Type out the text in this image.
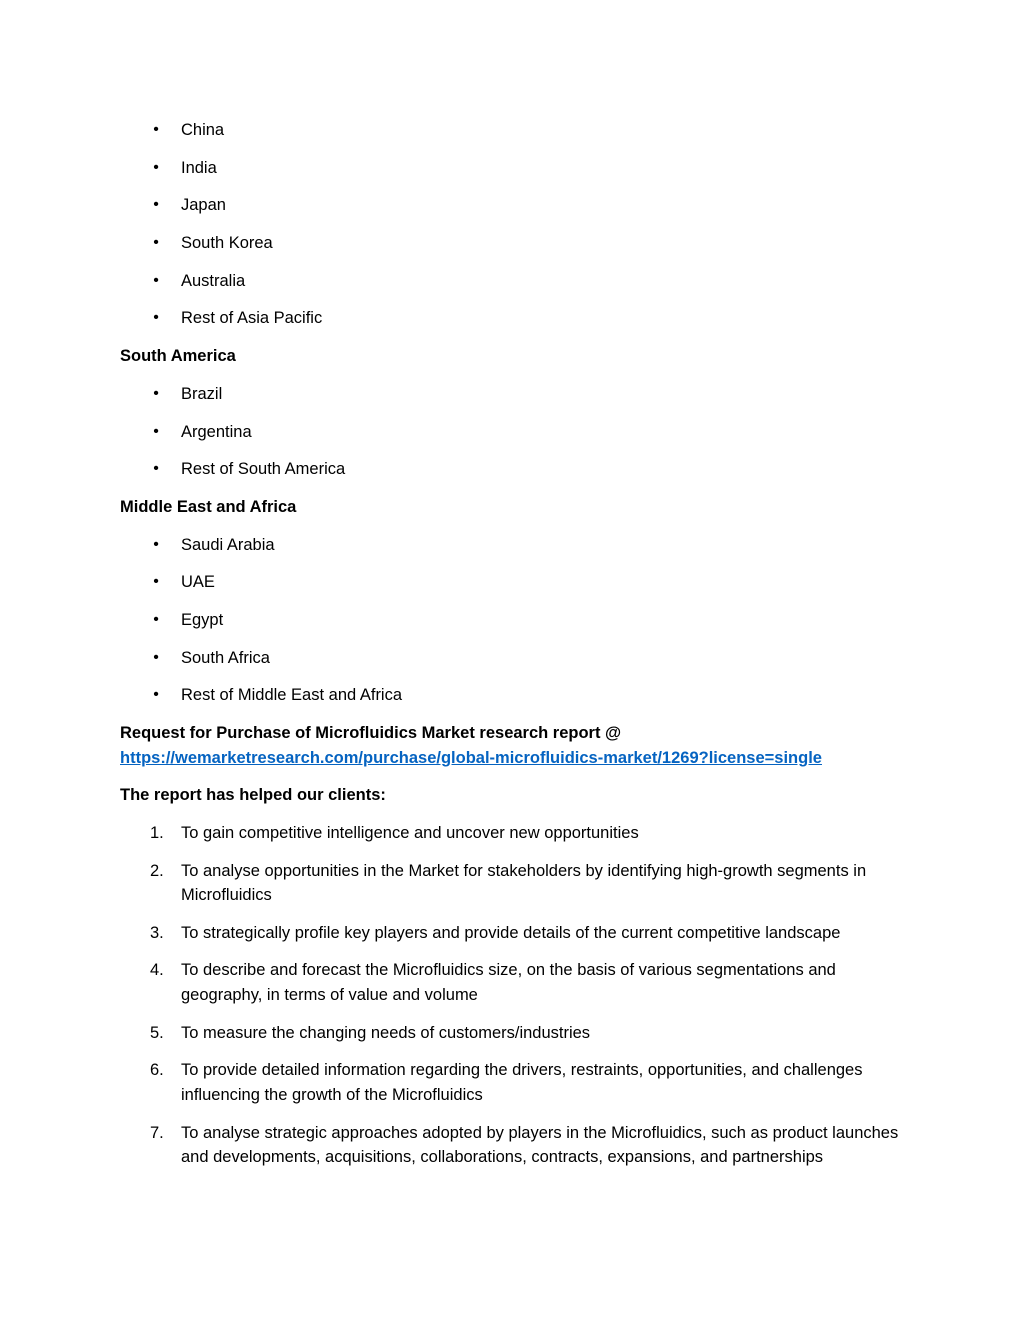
• China
• India
• Japan
• South Korea
• Australia
• Rest of Asia Pacific
South America
• Brazil
• Argentina
• Rest of South America
Middle East and Africa
• Saudi Arabia
• UAE
• Egypt
• South Africa
• Rest of Middle East and Africa
Request for Purchase of Microfluidics Market research report @
https://wemarketresearch.com/purchase/global-microfluidics-market/1269?license=single
The report has helped our clients:
1. To gain competitive intelligence and uncover new opportunities
2. To analyse opportunities in the Market for stakeholders by identifying high-growth segments in Microfluidics
3. To strategically profile key players and provide details of the current competitive landscape
4. To describe and forecast the Microfluidics size, on the basis of various segmentations and geography, in terms of value and volume
5. To measure the changing needs of customers/industries
6. To provide detailed information regarding the drivers, restraints, opportunities, and challenges influencing the growth of the Microfluidics
7. To analyse strategic approaches adopted by players in the Microfluidics, such as product launches and developments, acquisitions, collaborations, contracts, expansions, and partnerships
